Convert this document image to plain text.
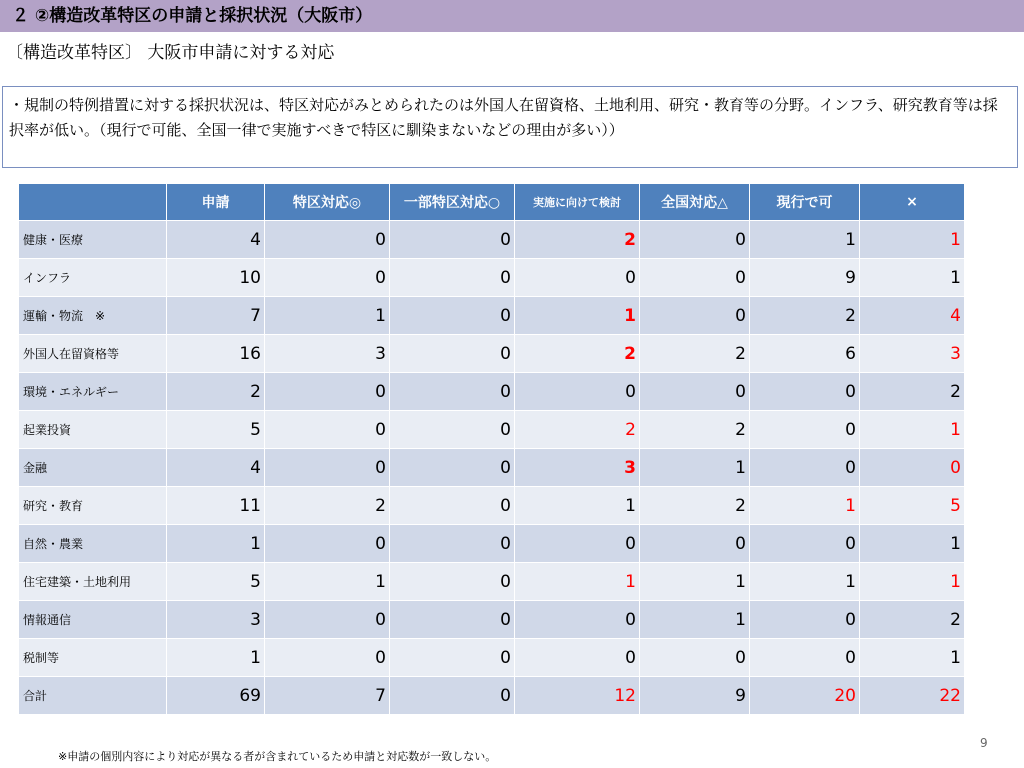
２ ②構造改革特区の申請と採択状況（大阪市）
〔構造改革特区〕 大阪市申請に対する対応
・規制の特例措置に対する採択状況は、特区対応がみとめられたのは外国人在留資格、土地利用、研究・教育等の分野。インフラ、研究教育等は採択率が低い。（現行で可能、全国一律で実施すべきで特区に馴染まないなどの理由が多い））
	申請	特区対応◎	一部特区対応○	実施に向けて検討	全国対応△	現行で可	×
健康・医療	4	0	0	2	0	1	1
インフラ	10	0	0	0	0	9	1
運輸・物流　※	7	1	0	1	0	2	4
外国人在留資格等	16	3	0	2	2	6	3
環境・エネルギー	2	0	0	0	0	0	2
起業投資	5	0	0	2	2	0	1
金融	4	0	0	3	1	0	0
研究・教育	11	2	0	1	2	1	5
自然・農業	1	0	0	0	0	0	1
住宅建築・土地利用	5	1	0	1	1	1	1
情報通信	3	0	0	0	1	0	2
税制等	1	0	0	0	0	0	1
合計	69	7	0	12	9	20	22
9
※申請の個別内容により対応が異なる者が含まれているため申請と対応数が一致しない。
